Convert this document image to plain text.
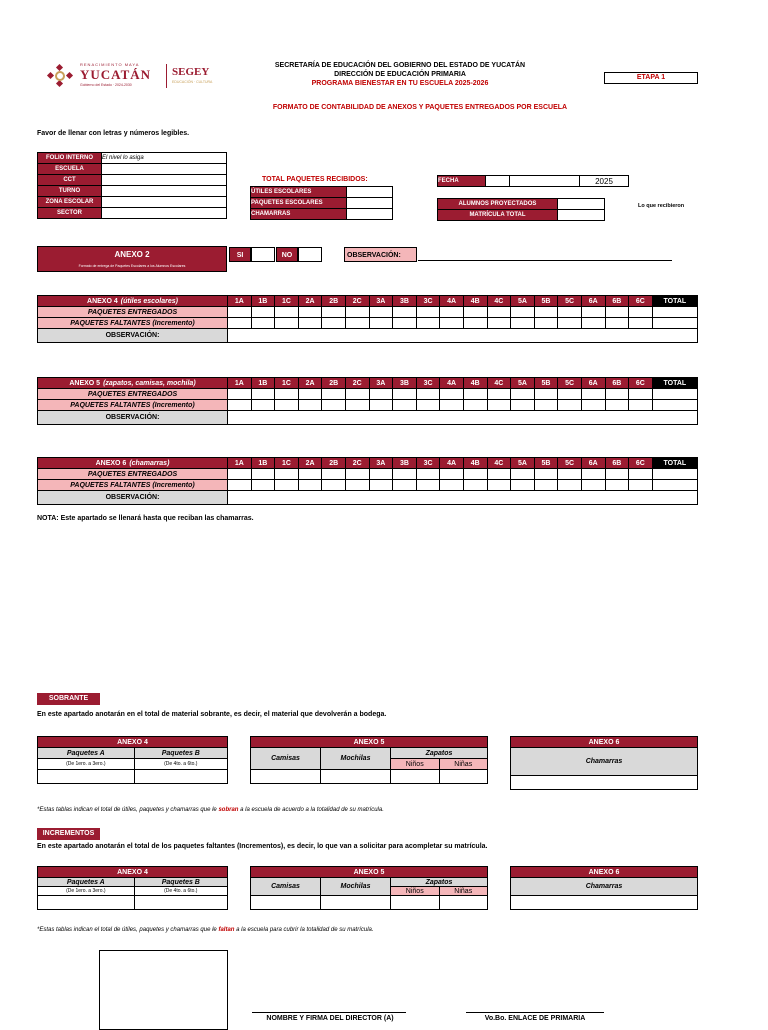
RENACIMIENTO MAYA
YUCATÁN
Gobierno del Estado · 2024-2030
SEGEY
EDUCACIÓN · CULTURA
SECRETARÍA DE EDUCACIÓN DEL GOBIERNO DEL ESTADO DE YUCATÁN
DIRECCIÓN DE EDUCACIÓN PRIMARIA
PROGRAMA BIENESTAR EN TU ESCUELA 2025-2026
ETAPA 1
FORMATO DE CONTABILIDAD DE ANEXOS Y PAQUETES ENTREGADOS POR ESCUELA
Favor de llenar con letras y números legibles.
FOLIO INTERNO	El nivel lo asiga
ESCUELA	
CCT	
TURNO	
ZONA ESCOLAR	
SECTOR	
TOTAL PAQUETES RECIBIDOS:
ÚTILES ESCOLARES	
PAQUETES ESCOLARES	
CHAMARRAS	
FECHA			2025
ALUMNOS PROYECTADOS	
MATRÍCULA TOTAL	
Lo que recibieron
ANEXO 2
Formato de entrega de Paquetes Escolares a los Alumnos Escolares
SI	NO	OBSERVACIÓN:
ANEXO 4 (útiles escolares)	1A	1B	1C	2A	2B	2C	3A	3B	3C	4A	4B	4C	5A	5B	5C	6A	6B	6C	TOTAL
PAQUETES ENTREGADOS																			
PAQUETES FALTANTES (Incremento)																			
OBSERVACIÓN:																			
ANEXO 5 (zapatos, camisas, mochila)	1A	1B	1C	2A	2B	2C	3A	3B	3C	4A	4B	4C	5A	5B	5C	6A	6B	6C	TOTAL
PAQUETES ENTREGADOS																			
PAQUETES FALTANTES (Incremento)																			
OBSERVACIÓN:																			
ANEXO 6 (chamarras)	1A	1B	1C	2A	2B	2C	3A	3B	3C	4A	4B	4C	5A	5B	5C	6A	6B	6C	TOTAL
PAQUETES ENTREGADOS																			
PAQUETES FALTANTES (Incremento)																			
OBSERVACIÓN:																			
NOTA: Este apartado se llenará hasta que reciban las chamarras.
SOBRANTE
En este apartado anotarán en el total de material sobrante, es decir, el material que devolverán a bodega.
ANEXO 4	
Paquetes A	Paquetes B
(De 1ero. a 3ero.)	(De 4to. a 6to.)

ANEXO 5			
Camisas	Mochilas	Zapatos	
		Niños	Niñas

ANEXO 6
Chamarras

*Estas tablas indican el total de útiles, paquetes y chamarras que le sobran a la escuela de acuerdo a la totalidad de su matrícula.
INCREMENTOS
En este apartado anotarán el total de los paquetes faltantes (Incrementos), es decir, lo que van a solicitar para acompletar su matrícula.
ANEXO 4	
Paquetes A	Paquetes B
(De 1ero. a 3ero.)	(De 4to. a 6to.)

ANEXO 5			
Camisas	Mochilas	Zapatos	
		Niños	Niñas

ANEXO 6
Chamarras

*Estas tablas indican el total de útiles, paquetes y chamarras que le faltan a la escuela para cubrir la totalidad de su matrícula.
NOMBRE Y FIRMA DEL DIRECTOR (A)	Vo.Bo. ENLACE DE PRIMARIA
